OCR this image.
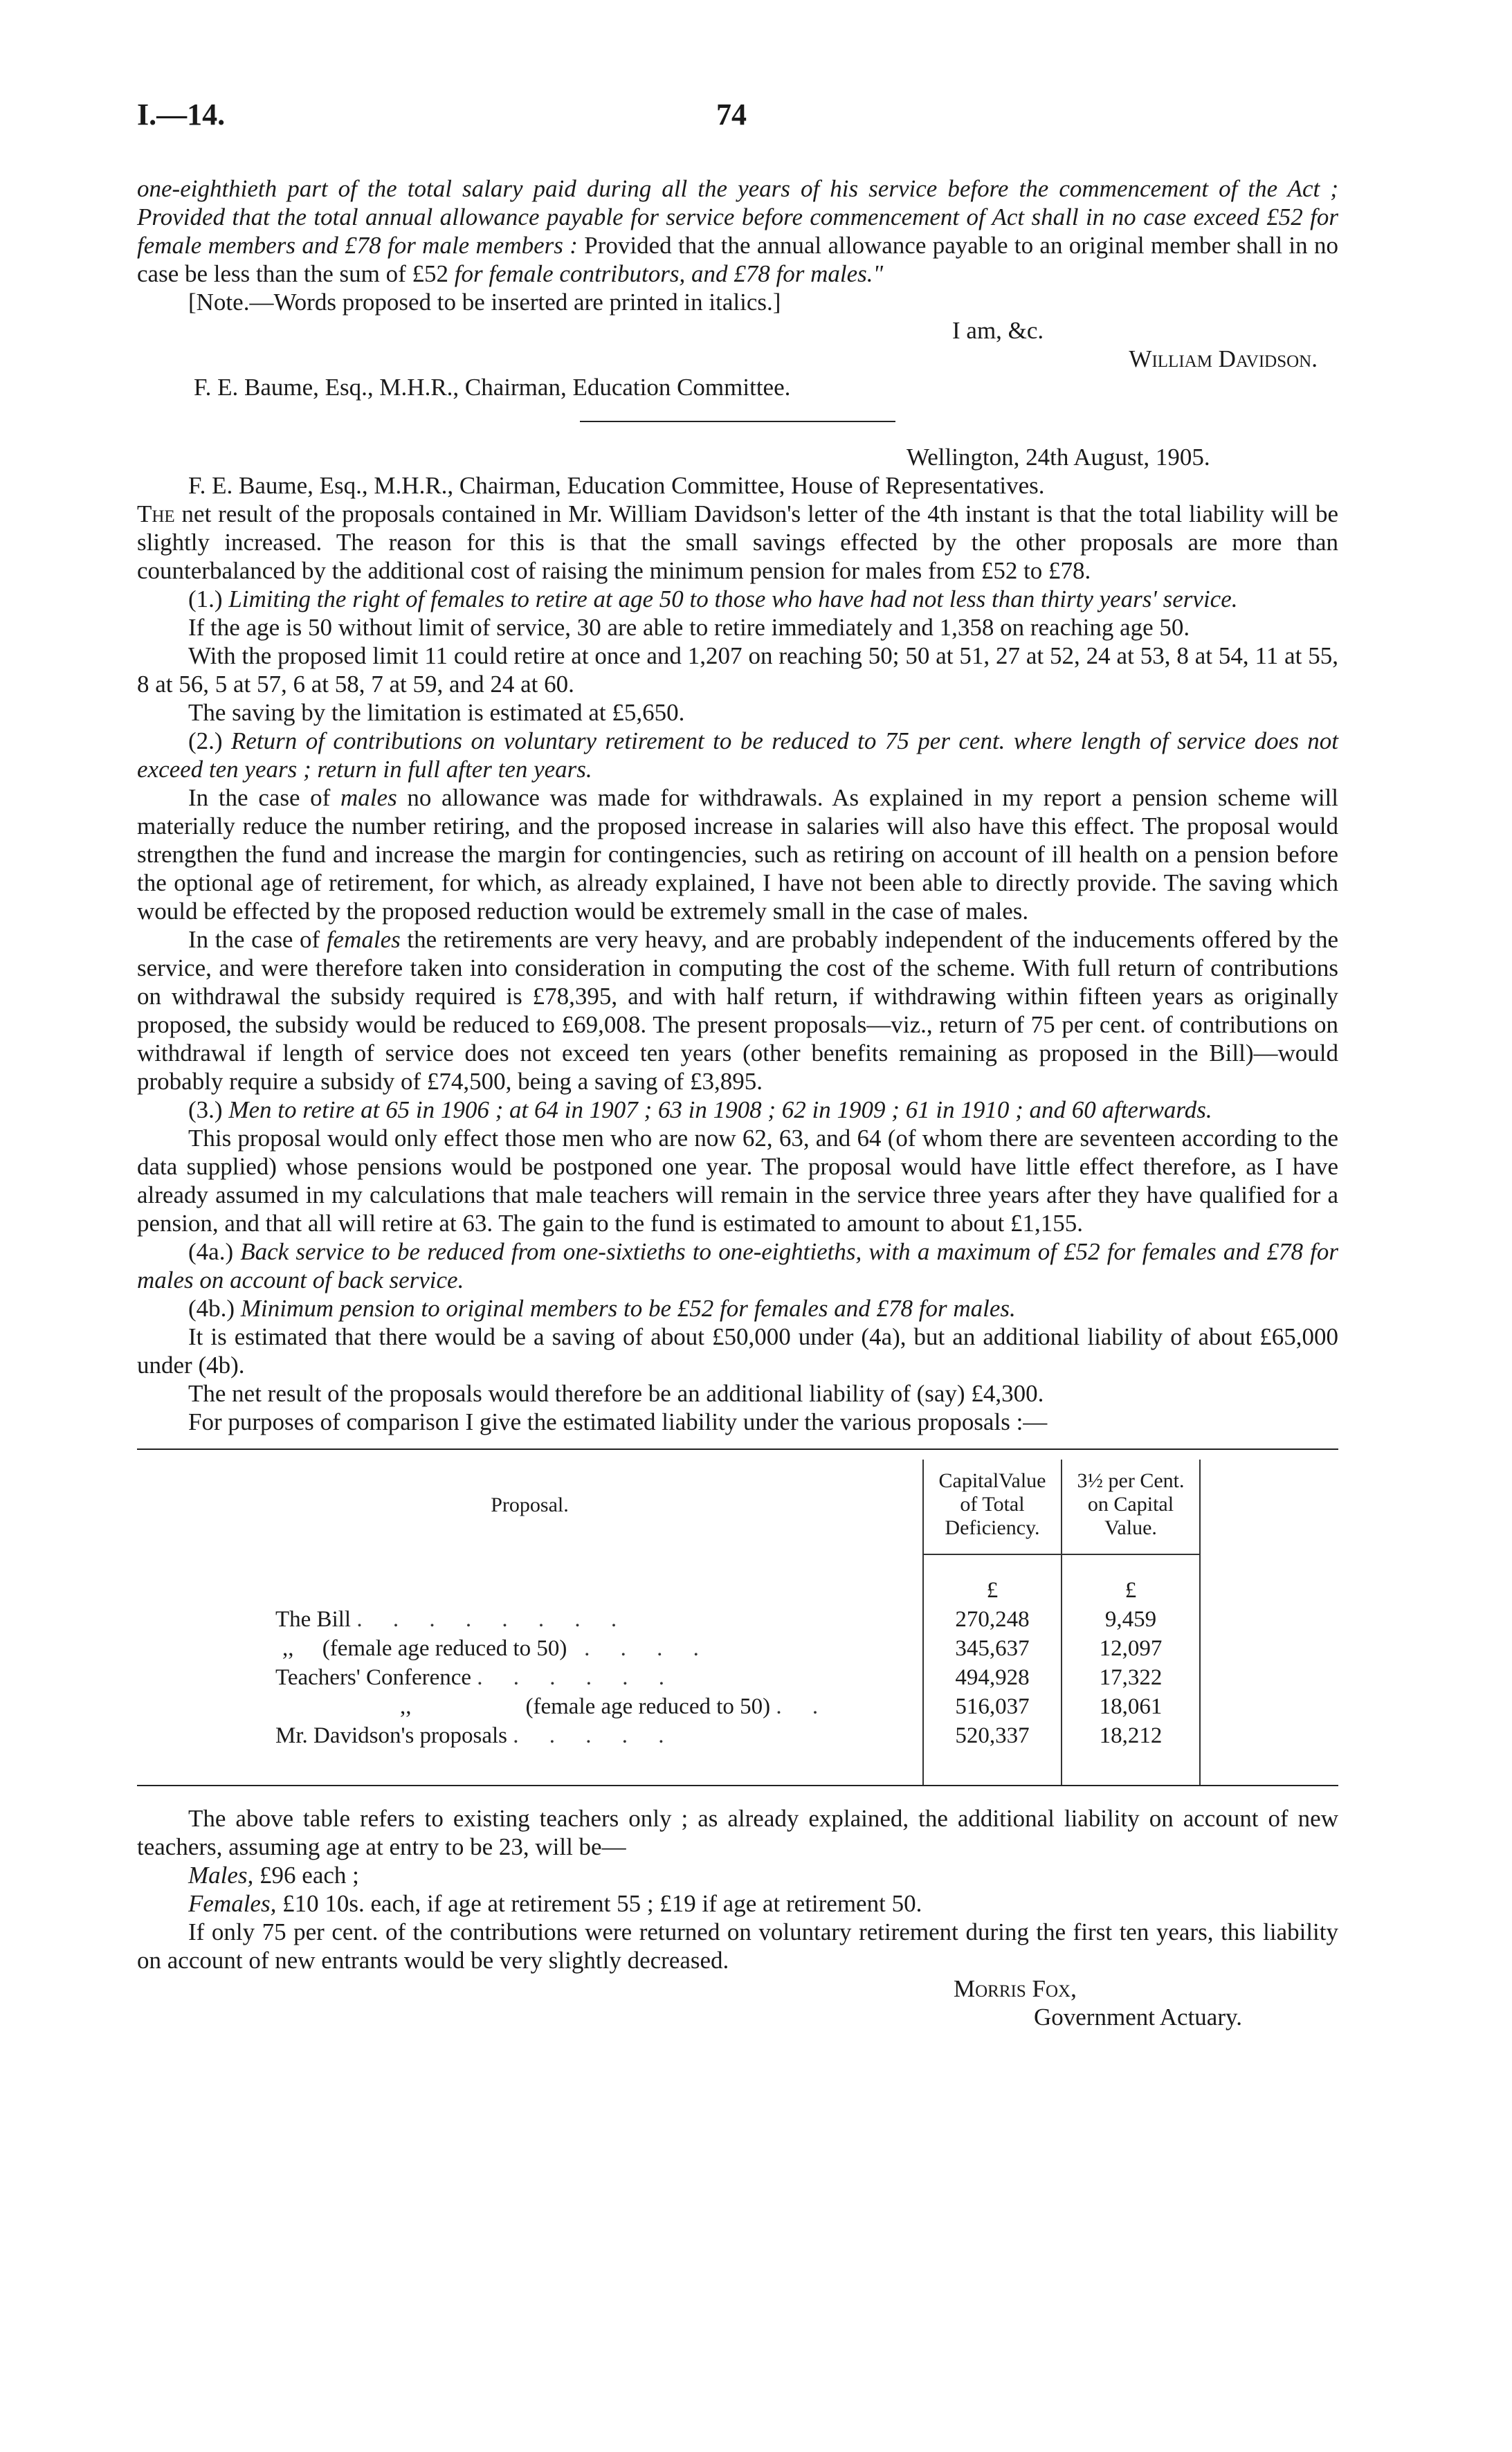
I.—14.	74

one-eighthieth part of the total salary paid during all the years of his service before the commencement of the Act ; Provided that the total annual allowance payable for service before commencement of Act shall in no case exceed £52 for female members and £78 for male members : Provided that the annual allowance payable to an original member shall in no case be less than the sum of £52 for female contributors, and £78 for males."

[Note.—Words proposed to be inserted are printed in italics.]

I am, &c.

William Davidson.

F. E. Baume, Esq., M.H.R., Chairman, Education Committee.

Wellington, 24th August, 1905.

F. E. Baume, Esq., M.H.R., Chairman, Education Committee, House of Representatives.

The net result of the proposals contained in Mr. William Davidson's letter of the 4th instant is that the total liability will be slightly increased. The reason for this is that the small savings effected by the other proposals are more than counterbalanced by the additional cost of raising the minimum pension for males from £52 to £78.

(1.) Limiting the right of females to retire at age 50 to those who have had not less than thirty years' service.

If the age is 50 without limit of service, 30 are able to retire immediately and 1,358 on reaching age 50.

With the proposed limit 11 could retire at once and 1,207 on reaching 50; 50 at 51, 27 at 52, 24 at 53, 8 at 54, 11 at 55, 8 at 56, 5 at 57, 6 at 58, 7 at 59, and 24 at 60.

The saving by the limitation is estimated at £5,650.

(2.) Return of contributions on voluntary retirement to be reduced to 75 per cent. where length of service does not exceed ten years ; return in full after ten years.

In the case of males no allowance was made for withdrawals. As explained in my report a pension scheme will materially reduce the number retiring, and the proposed increase in salaries will also have this effect. The proposal would strengthen the fund and increase the margin for contingencies, such as retiring on account of ill health on a pension before the optional age of retirement, for which, as already explained, I have not been able to directly provide. The saving which would be effected by the proposed reduction would be extremely small in the case of males.

In the case of females the retirements are very heavy, and are probably independent of the inducements offered by the service, and were therefore taken into consideration in computing the cost of the scheme. With full return of contributions on withdrawal the subsidy required is £78,395, and with half return, if withdrawing within fifteen years as originally proposed, the subsidy would be reduced to £69,008. The present proposals—viz., return of 75 per cent. of contributions on withdrawal if length of service does not exceed ten years (other benefits remaining as proposed in the Bill)—would probably require a subsidy of £74,500, being a saving of £3,895.

(3.) Men to retire at 65 in 1906 ; at 64 in 1907 ; 63 in 1908 ; 62 in 1909 ; 61 in 1910 ; and 60 afterwards.

This proposal would only effect those men who are now 62, 63, and 64 (of whom there are seventeen according to the data supplied) whose pensions would be postponed one year. The proposal would have little effect therefore, as I have already assumed in my calculations that male teachers will remain in the service three years after they have qualified for a pension, and that all will retire at 63. The gain to the fund is estimated to amount to about £1,155.

(4a.) Back service to be reduced from one-sixtieths to one-eightieths, with a maximum of £52 for females and £78 for males on account of back service.

(4b.) Minimum pension to original members to be £52 for females and £78 for males.

It is estimated that there would be a saving of about £50,000 under (4a), but an additional liability of about £65,000 under (4b).

The net result of the proposals would therefore be an additional liability of (say) £4,300.

For purposes of comparison I give the estimated liability under the various proposals :—

Proposal.	CapitalValue of Total Deficiency.	3½ per Cent. on Capital Value.	

	£	£	
The Bill . . . . . . . .	270,248	9,459	
,,     (female age reduced to 50) . . . .	345,637	12,097	
Teachers' Conference . . . . . .	494,928	17,322	
,,                    (female age reduced to 50) . .	516,037	18,061	
Mr. Davidson's proposals . . . . .	520,337	18,212	

The above table refers to existing teachers only ; as already explained, the additional liability on account of new teachers, assuming age at entry to be 23, will be—

Males, £96 each ;

Females, £10 10s. each, if age at retirement 55 ; £19 if age at retirement 50.

If only 75 per cent. of the contributions were returned on voluntary retirement during the first ten years, this liability on account of new entrants would be very slightly decreased.

Morris Fox,

Government Actuary.
